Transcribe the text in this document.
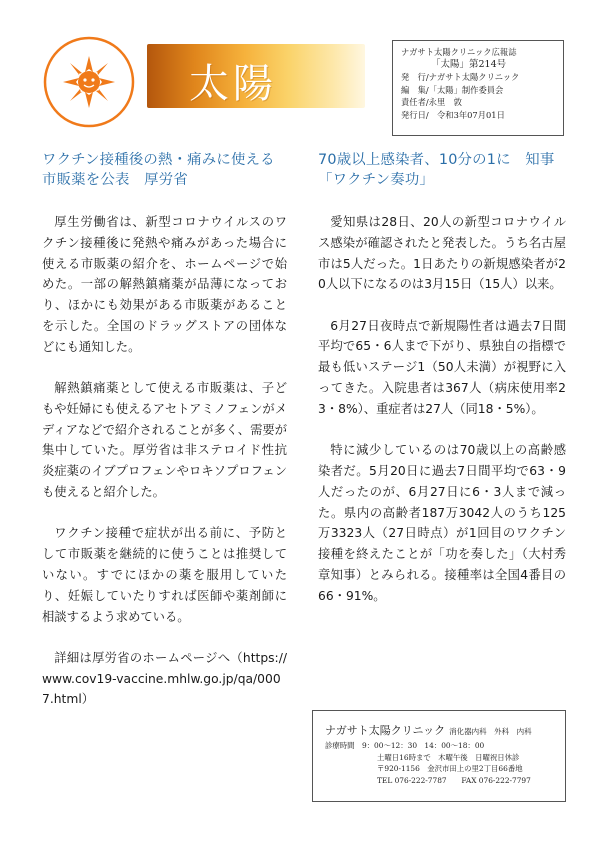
太陽
ナガサト太陽クリニック広報誌
「太陽」第214号
発　行/ナガサト太陽クリニック
編　集/「太陽」制作委員会
責任者/永里　敦
発行日/　令和3年07月01日
ワクチン接種後の熱・痛みに使える市販薬を公表　厚労省

厚生労働省は、新型コロナウイルスのワクチン接種後に発熱や痛みがあった場合に使える市販薬の紹介を、ホームページで始めた。一部の解熱鎮痛薬が品薄になっており、ほかにも効果がある市販薬があることを示した。全国のドラッグストアの団体などにも通知した。

解熱鎮痛薬として使える市販薬は、子どもや妊婦にも使えるアセトアミノフェンがメディアなどで紹介されることが多く、需要が集中していた。厚労省は非ステロイド性抗炎症薬のイブプロフェンやロキソプロフェンも使えると紹介した。

ワクチン接種で症状が出る前に、予防として市販薬を継続的に使うことは推奨していない。すでにほかの薬を服用していたり、妊娠していたりすれば医師や薬剤師に相談するよう求めている。

詳細は厚労省のホームページへ（https://www.cov19-vaccine.mhlw.go.jp/qa/0007.html）

70歳以上感染者、10分の1に　知事「ワクチン奏功」

愛知県は28日、20人の新型コロナウイルス感染が確認されたと発表した。うち名古屋市は5人だった。1日あたりの新規感染者が20人以下になるのは3月15日（15人）以来。

6月27日夜時点で新規陽性者は過去7日間平均で65・6人まで下がり、県独自の指標で最も低いステージ1（50人未満）が視野に入ってきた。入院患者は367人（病床使用率23・8%）、重症者は27人（同18・5%）。

特に減少しているのは70歳以上の高齢感染者だ。5月20日に過去7日間平均で63・9人だったのが、6月27日に6・3人まで減った。県内の高齢者187万3042人のうち125万3323人（27日時点）が1回目のワクチン接種を終えたことが「功を奏した」（大村秀章知事）とみられる。接種率は全国4番目の66・91%。

ナガサト太陽クリニック 消化器内科　外科　内科
診療時間　9：00～12：30　14：00～18：00
土曜日16時まで　木曜午後　日曜祝日休診
〒920-1156　金沢市田上の里2丁目66番地
TEL 076-222-7787　　FAX 076-222-7797
